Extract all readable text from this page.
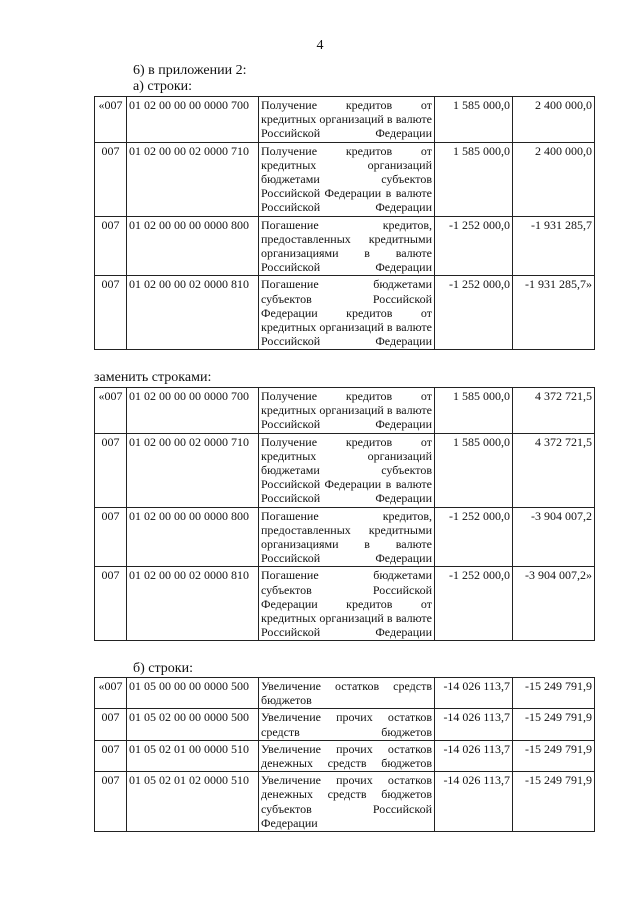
4
6) в приложении 2:
а) строки:
«007	01 02 00 00 00 0000 700	Получение кредитов от кредитных организаций в валюте Российской Федерации	1 585 000,0	2 400 000,0
007	01 02 00 00 02 0000 710	Получение кредитов от кредитных организаций бюджетами субъектов Российской Федерации в валюте Российской Федерации	1 585 000,0	2 400 000,0
007	01 02 00 00 00 0000 800	Погашение кредитов, предоставленных кредитными организациями в валюте Российской Федерации	-1 252 000,0	-1 931 285,7
007	01 02 00 00 02 0000 810	Погашение бюджетами субъектов Российской Федерации кредитов от кредитных организаций в валюте Российской Федерации	-1 252 000,0	-1 931 285,7»
заменить строками:
«007	01 02 00 00 00 0000 700	Получение кредитов от кредитных организаций в валюте Российской Федерации	1 585 000,0	4 372 721,5
007	01 02 00 00 02 0000 710	Получение кредитов от кредитных организаций бюджетами субъектов Российской Федерации в валюте Российской Федерации	1 585 000,0	4 372 721,5
007	01 02 00 00 00 0000 800	Погашение кредитов, предоставленных кредитными организациями в валюте Российской Федерации	-1 252 000,0	-3 904 007,2
007	01 02 00 00 02 0000 810	Погашение бюджетами субъектов Российской Федерации кредитов от кредитных организаций в валюте Российской Федерации	-1 252 000,0	-3 904 007,2»
б) строки:
«007	01 05 00 00 00 0000 500	Увеличение остатков средств бюджетов	-14 026 113,7	-15 249 791,9
007	01 05 02 00 00 0000 500	Увеличение прочих остатков средств бюджетов	-14 026 113,7	-15 249 791,9
007	01 05 02 01 00 0000 510	Увеличение прочих остатков денежных средств бюджетов	-14 026 113,7	-15 249 791,9
007	01 05 02 01 02 0000 510	Увеличение прочих остатков денежных средств бюджетов субъектов Российской Федерации	-14 026 113,7	-15 249 791,9
